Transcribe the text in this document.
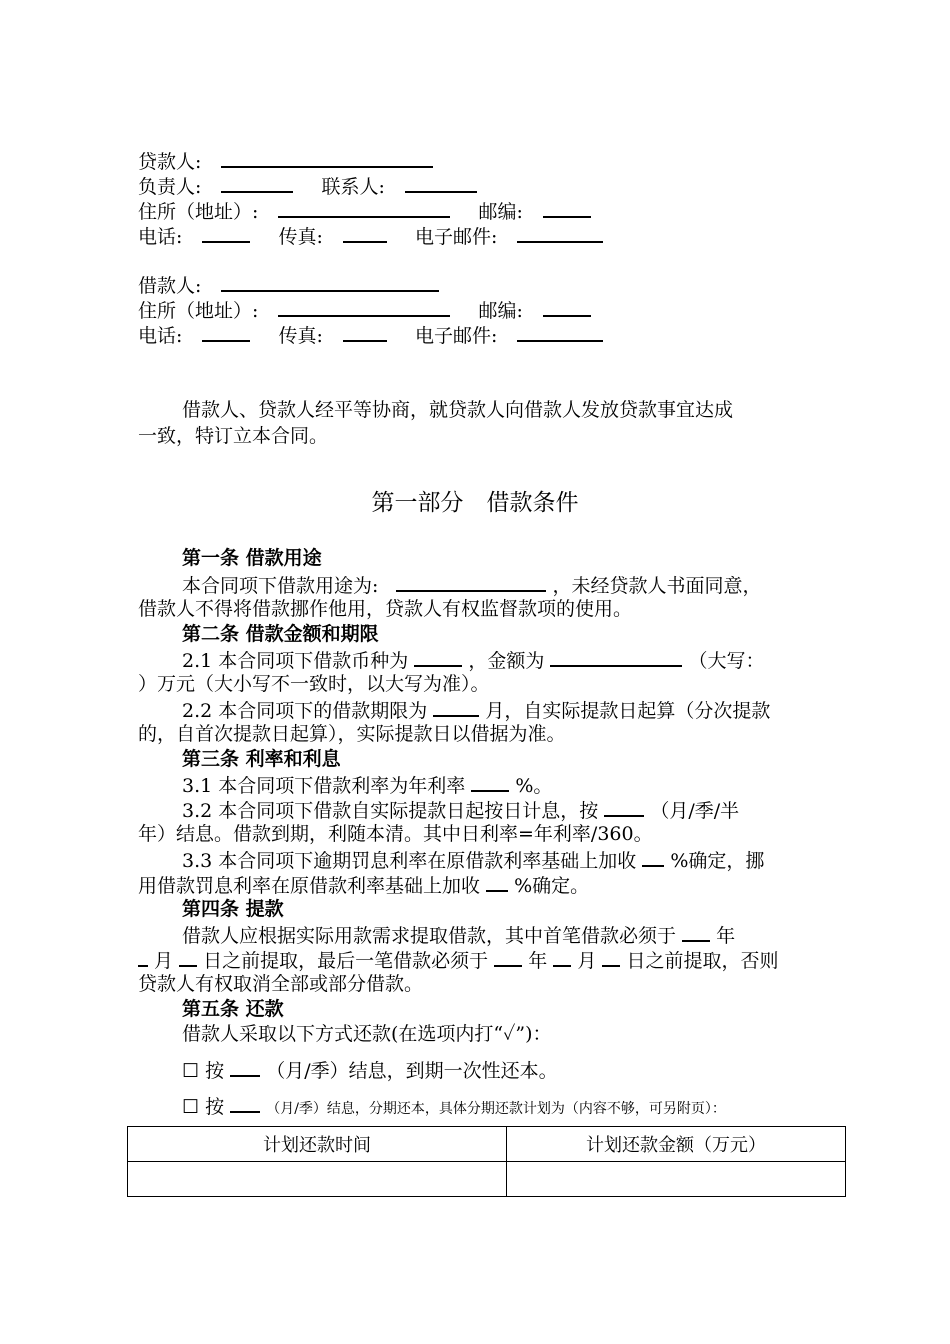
贷款人:
负责人:	联系人:
住所（地址）:	邮编:
电话:	传真:	电子邮件:
借款人:
住所（地址）:	邮编:
电话:	传真:	电子邮件:
借款人、贷款人经平等协商，就贷款人向借款人发放贷款事宜达成
一致，特订立本合同。
第一部分　借款条件
第一条 借款用途
本合同项下借款用途为:	，未经贷款人书面同意，
借款人不得将借款挪作他用，贷款人有权监督款项的使用。
第二条 借款金额和期限
2.1 本合同项下借款币种为	，金额为	（大写：
）万元（大小写不一致时，以大写为准）。
2.2 本合同项下的借款期限为	月，自实际提款日起算（分次提款
的，自首次提款日起算），实际提款日以借据为准。
第三条 利率和利息
3.1 本合同项下借款利率为年利率	%。
3.2 本合同项下借款自实际提款日起按日计息，按	（月/季/半
年）结息。借款到期，利随本清。其中日利率=年利率/360。
3.3 本合同项下逾期罚息利率在原借款利率基础上加收 %确定，挪
用借款罚息利率在原借款利率基础上加收 %确定。
第四条 提款
借款人应根据实际用款需求提取借款，其中首笔借款必须于 年
月 日之前提取，最后一笔借款必须于 年 月 日之前提取，否则
贷款人有权取消全部或部分借款。
第五条 还款
借款人采取以下方式还款(在选项内打“✓”)：
☐ 按 （月/季）结息，到期一次性还本。
☐ 按	（月/季）结息，分期还本，具体分期还款计划为（内容不够，可另附页）：
计划还款时间	计划还款金额（万元）
